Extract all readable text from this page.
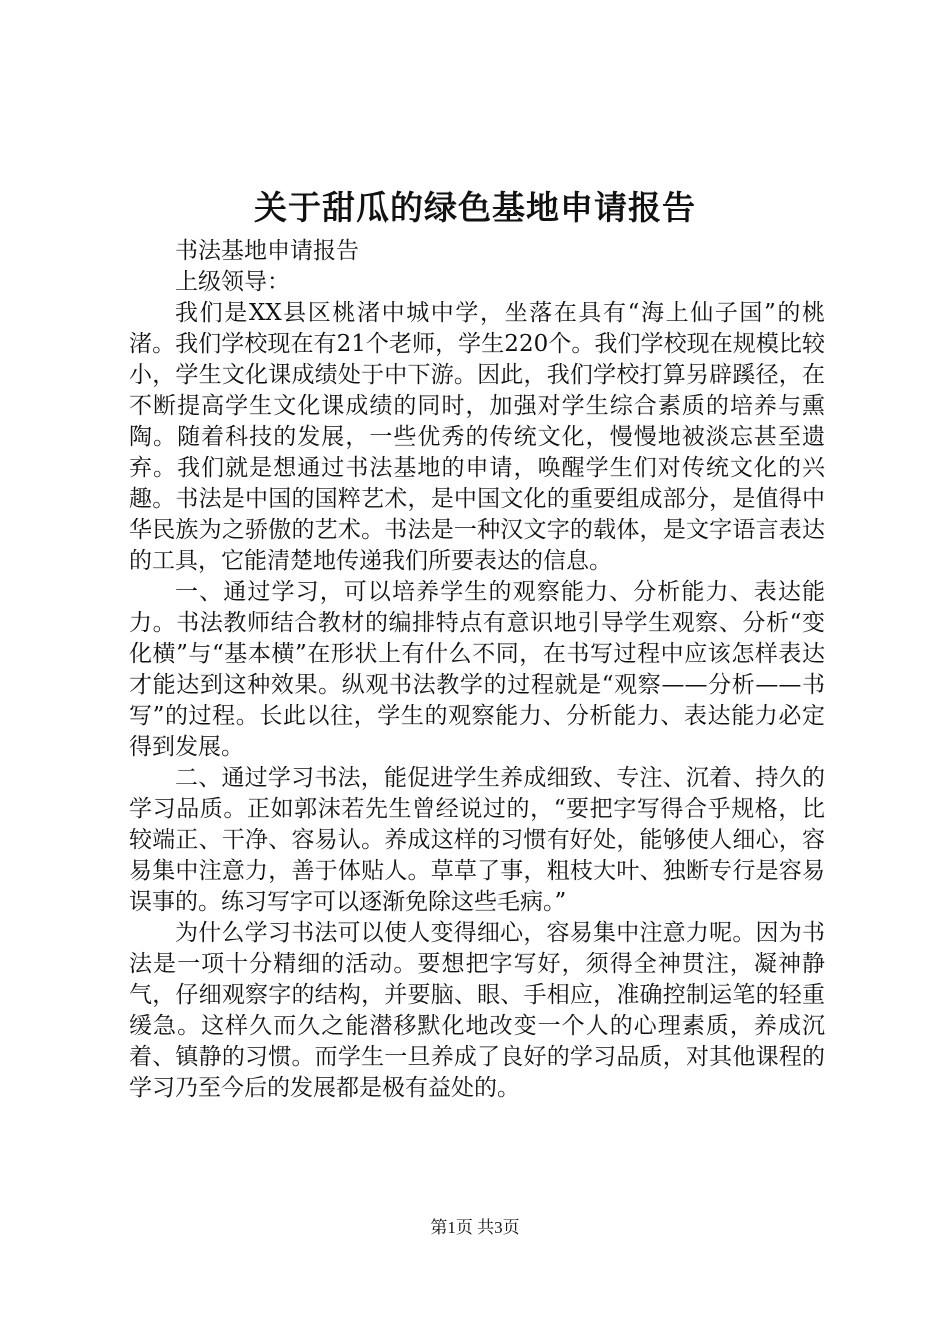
关于甜瓜的绿色基地申请报告

书法基地申请报告

上级领导：

我们是XX县区桃渚中城中学，坐落在具有“海上仙子国”的桃渚。我们学校现在有21个老师，学生220个。我们学校现在规模比较小，学生文化课成绩处于中下游。因此，我们学校打算另辟蹊径，在不断提高学生文化课成绩的同时，加强对学生综合素质的培养与熏陶。随着科技的发展，一些优秀的传统文化，慢慢地被淡忘甚至遗弃。我们就是想通过书法基地的申请，唤醒学生们对传统文化的兴趣。书法是中国的国粹艺术，是中国文化的重要组成部分，是值得中华民族为之骄傲的艺术。书法是一种汉文字的载体，是文字语言表达的工具，它能清楚地传递我们所要表达的信息。

一、通过学习，可以培养学生的观察能力、分析能力、表达能力。书法教师结合教材的编排特点有意识地引导学生观察、分析“变化横”与“基本横”在形状上有什么不同，在书写过程中应该怎样表达才能达到这种效果。纵观书法教学的过程就是“观察——分析——书写”的过程。长此以往，学生的观察能力、分析能力、表达能力必定得到发展。

二、通过学习书法，能促进学生养成细致、专注、沉着、持久的学习品质。正如郭沫若先生曾经说过的，“要把字写得合乎规格，比较端正、干净、容易认。养成这样的习惯有好处，能够使人细心，容易集中注意力，善于体贴人。草草了事，粗枝大叶、独断专行是容易误事的。练习写字可以逐渐免除这些毛病。”

为什么学习书法可以使人变得细心，容易集中注意力呢。因为书法是一项十分精细的活动。要想把字写好，须得全神贯注，凝神静气，仔细观察字的结构，并要脑、眼、手相应，准确控制运笔的轻重缓急。这样久而久之能潜移默化地改变一个人的心理素质，养成沉着、镇静的习惯。而学生一旦养成了良好的学习品质，对其他课程的学习乃至今后的发展都是极有益处的。

第1页 共3页
